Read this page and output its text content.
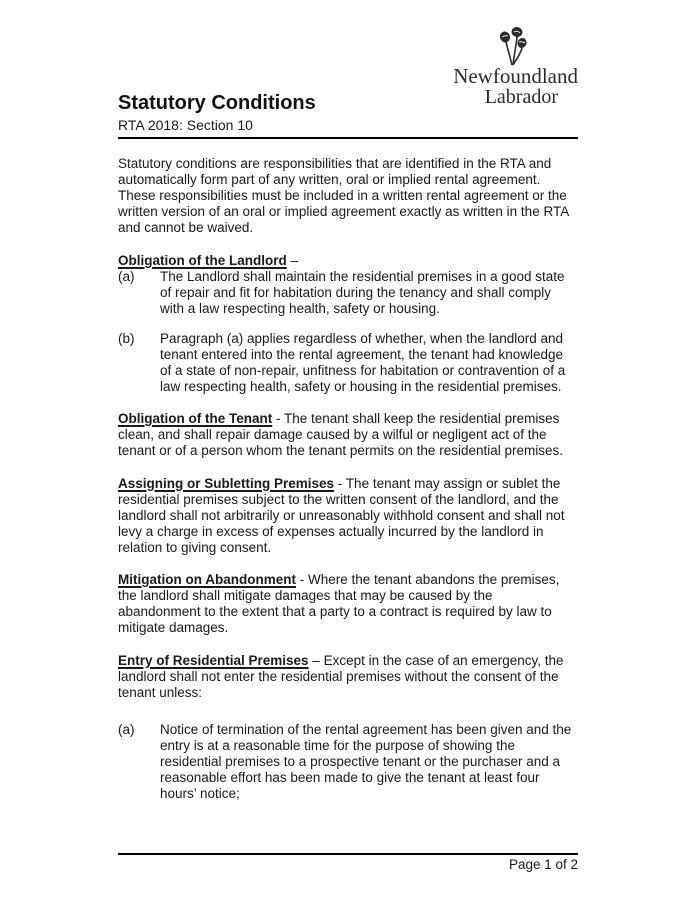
Newfoundland
Labrador
Statutory Conditions
RTA 2018: Section 10

Statutory conditions are responsibilities that are identified in the RTA and automatically form part of any written, oral or implied rental agreement. These responsibilities must be included in a written rental agreement or the written version of an oral or implied agreement exactly as written in the RTA and cannot be waived.

Obligation of the Landlord –

(a)	The Landlord shall maintain the residential premises in a good state of repair and fit for habitation during the tenancy and shall comply with a law respecting health, safety or housing.
(b)	Paragraph (a) applies regardless of whether, when the landlord and tenant entered into the rental agreement, the tenant had knowledge of a state of non-repair, unfitness for habitation or contravention of a law respecting health, safety or housing in the residential premises.

Obligation of the Tenant - The tenant shall keep the residential premises clean, and shall repair damage caused by a wilful or negligent act of the tenant or of a person whom the tenant permits on the residential premises.

Assigning or Subletting Premises - The tenant may assign or sublet the residential premises subject to the written consent of the landlord, and the landlord shall not arbitrarily or unreasonably withhold consent and shall not levy a charge in excess of expenses actually incurred by the landlord in relation to giving consent.

Mitigation on Abandonment - Where the tenant abandons the premises, the landlord shall mitigate damages that may be caused by the abandonment to the extent that a party to a contract is required by law to mitigate damages.

Entry of Residential Premises – Except in the case of an emergency, the landlord shall not enter the residential premises without the consent of the tenant unless:

(a)	Notice of termination of the rental agreement has been given and the entry is at a reasonable time for the purpose of showing the residential premises to a prospective tenant or the purchaser and a reasonable effort has been made to give the tenant at least four hours’ notice;
Page 1 of 2
